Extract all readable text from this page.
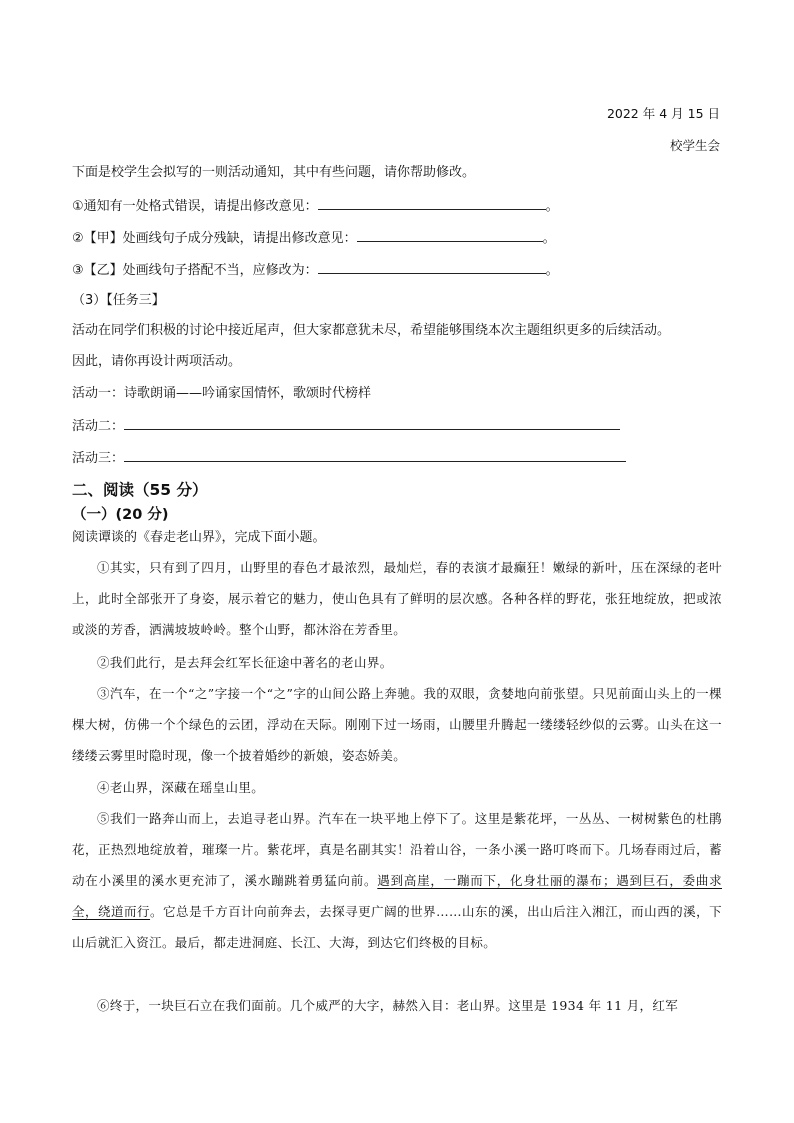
2022 年 4 月 15 日
校学生会
下面是校学生会拟写的一则活动通知，其中有些问题，请你帮助修改。
①通知有一处格式错误，请提出修改意见：	。
②【甲】处画线句子成分残缺，请提出修改意见：	。
③【乙】处画线句子搭配不当，应修改为：	。
（3）【任务三】
活动在同学们积极的讨论中接近尾声，但大家都意犹未尽，希望能够围绕本次主题组织更多的后续活动。
因此，请你再设计两项活动。
活动一：诗歌朗诵——吟诵家国情怀，歌颂时代榜样
活动二：
活动三：
二、阅读（55 分）
（一）(20 分)
阅读谭谈的《春走老山界》，完成下面小题。
①其实，只有到了四月，山野里的春色才最浓烈，最灿烂，春的表演才最癫狂！嫩绿的新叶，压在深绿的老叶上，此时全部张开了身姿，展示着它的魅力，使山色具有了鲜明的层次感。各种各样的野花，张狂地绽放，把或浓或淡的芳香，洒满坡坡岭岭。整个山野，都沐浴在芳香里。
②我们此行，是去拜会红军长征途中著名的老山界。
③汽车，在一个“之”字接一个“之”字的山间公路上奔驰。我的双眼，贪婪地向前张望。只见前面山头上的一棵棵大树，仿佛一个个绿色的云团，浮动在天际。刚刚下过一场雨，山腰里升腾起一缕缕轻纱似的云雾。山头在这一缕缕云雾里时隐时现，像一个披着婚纱的新娘，姿态娇美。
④老山界，深藏在瑶皇山里。
⑤我们一路奔山而上，去追寻老山界。汽车在一块平地上停下了。这里是紫花坪，一丛丛、一树树紫色的杜鹃花，正热烈地绽放着，璀璨一片。紫花坪，真是名副其实！沿着山谷，一条小溪一路叮咚而下。几场春雨过后，蓄动在小溪里的溪水更充沛了，溪水蹦跳着勇猛向前。遇到高崖，一蹦而下，化身壮丽的瀑布；遇到巨石，委曲求全，绕道而行。它总是千方百计向前奔去，去探寻更广阔的世界……山东的溪，出山后注入湘江，而山西的溪，下山后就汇入资江。最后，都走进洞庭、长江、大海，到达它们终极的目标。
⑥终于，一块巨石立在我们面前。几个威严的大字，赫然入目：老山界。这里是 1934 年 11 月，红军
